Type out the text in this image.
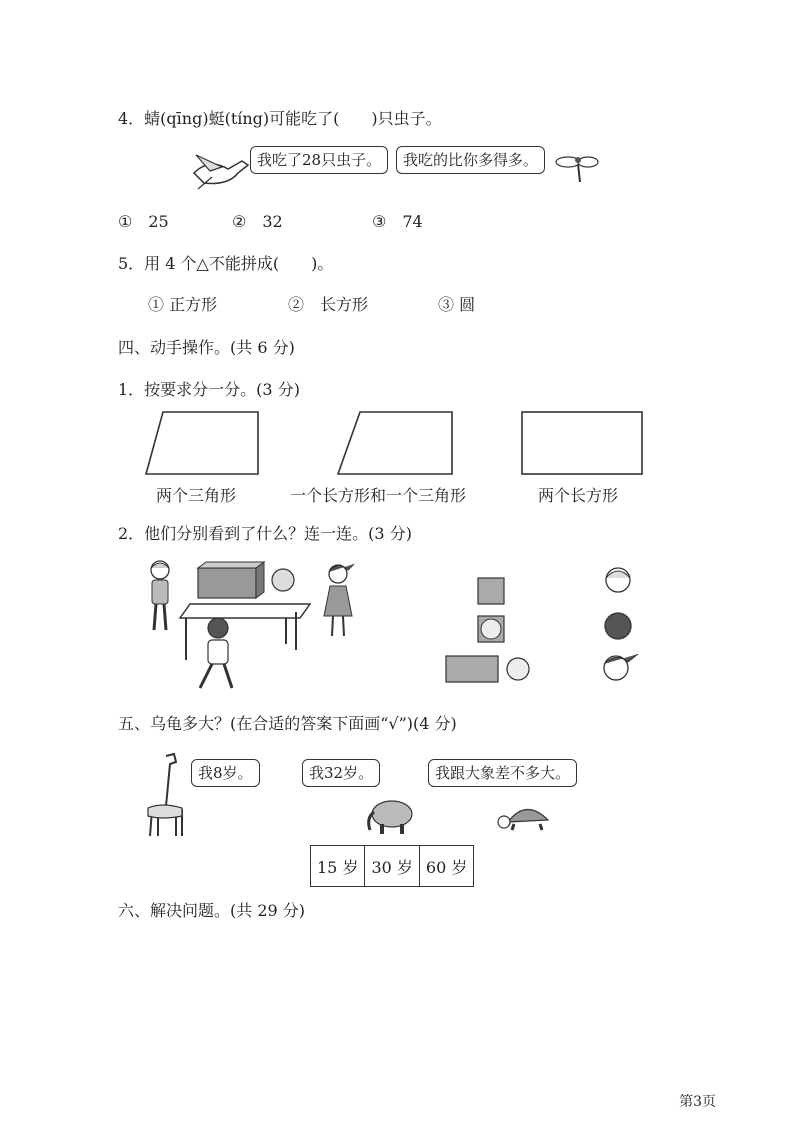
4．蜻(qīng)蜓(tíng)可能吃了(　　)只虫子。
我吃了28只虫子。	我吃的比你多得多。
①　25	②　32	③　74
5．用 4 个△不能拼成(　　)。
① 正方形	②　长方形	③ 圆
四、动手操作。(共 6 分)
1．按要求分一分。(3 分)
两个三角形	一个长方形和一个三角形	两个长方形
2．他们分别看到了什么？连一连。(3 分)
五、乌龟多大？(在合适的答案下面画“√”)(4 分)
我8岁。	我32岁。	我跟大象差不多大。
15 岁	30 岁	60 岁
六、解决问题。(共 29 分)
第3页
